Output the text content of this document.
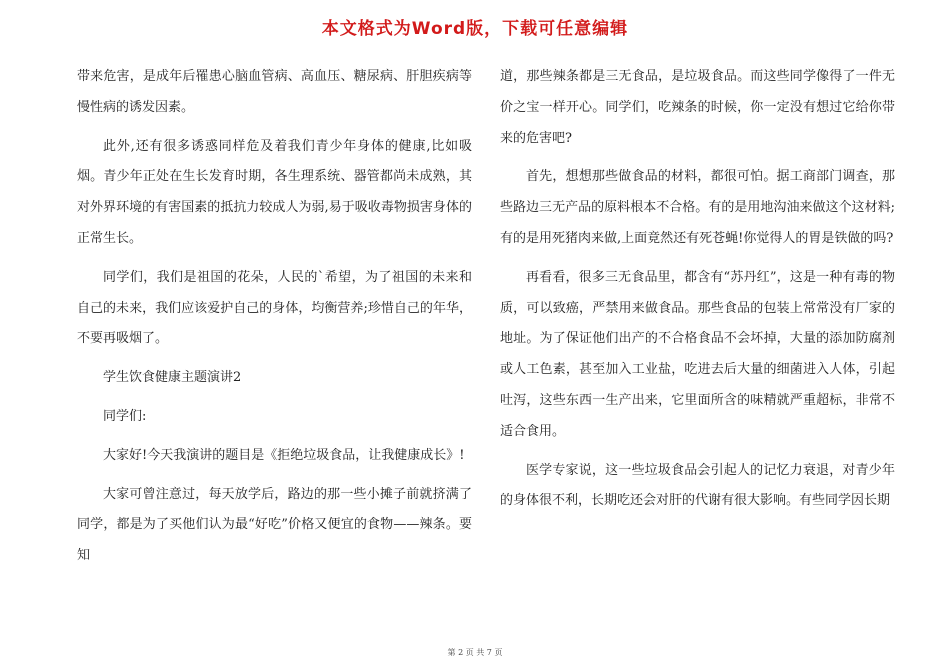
本文格式为Word版，下载可任意编辑

带来危害，是成年后罹患心脑血管病、高血压、糖尿病、肝胆疾病等慢性病的诱发因素。

此外,还有很多诱惑同样危及着我们青少年身体的健康,比如吸烟。青少年正处在生长发育时期，各生理系统、器管都尚未成熟，其对外界环境的有害国素的抵抗力较成人为弱,易于吸收毒物损害身体的正常生长。

同学们，我们是祖国的花朵，人民的`希望，为了祖国的未来和自己的未来，我们应该爱护自己的身体，均衡营养;珍惜自己的年华，不要再吸烟了。

学生饮食健康主题演讲2

同学们:

大家好!今天我演讲的题目是《拒绝垃圾食品，让我健康成长》!

大家可曾注意过，每天放学后，路边的那一些小摊子前就挤满了同学，都是为了买他们认为最“好吃”价格又便宜的食物——辣条。要知

道，那些辣条都是三无食品，是垃圾食品。而这些同学像得了一件无价之宝一样开心。同学们，吃辣条的时候，你一定没有想过它给你带来的危害吧?

首先，想想那些做食品的材料，都很可怕。据工商部门调查，那些路边三无产品的原料根本不合格。有的是用地沟油来做这个这材料;有的是用死猪肉来做,上面竟然还有死苍蝇!你觉得人的胃是铁做的吗?

再看看，很多三无食品里，都含有“苏丹红”，这是一种有毒的物质，可以致癌，严禁用来做食品。那些食品的包装上常常没有厂家的地址。为了保证他们出产的不合格食品不会坏掉，大量的添加防腐剂或人工色素，甚至加入工业盐，吃进去后大量的细菌进入人体，引起吐泻，这些东西一生产出来，它里面所含的味精就严重超标，非常不适合食用。

医学专家说，这一些垃圾食品会引起人的记忆力衰退，对青少年的身体很不利，长期吃还会对肝的代谢有很大影响。有些同学因长期

第 2 页 共 7 页
